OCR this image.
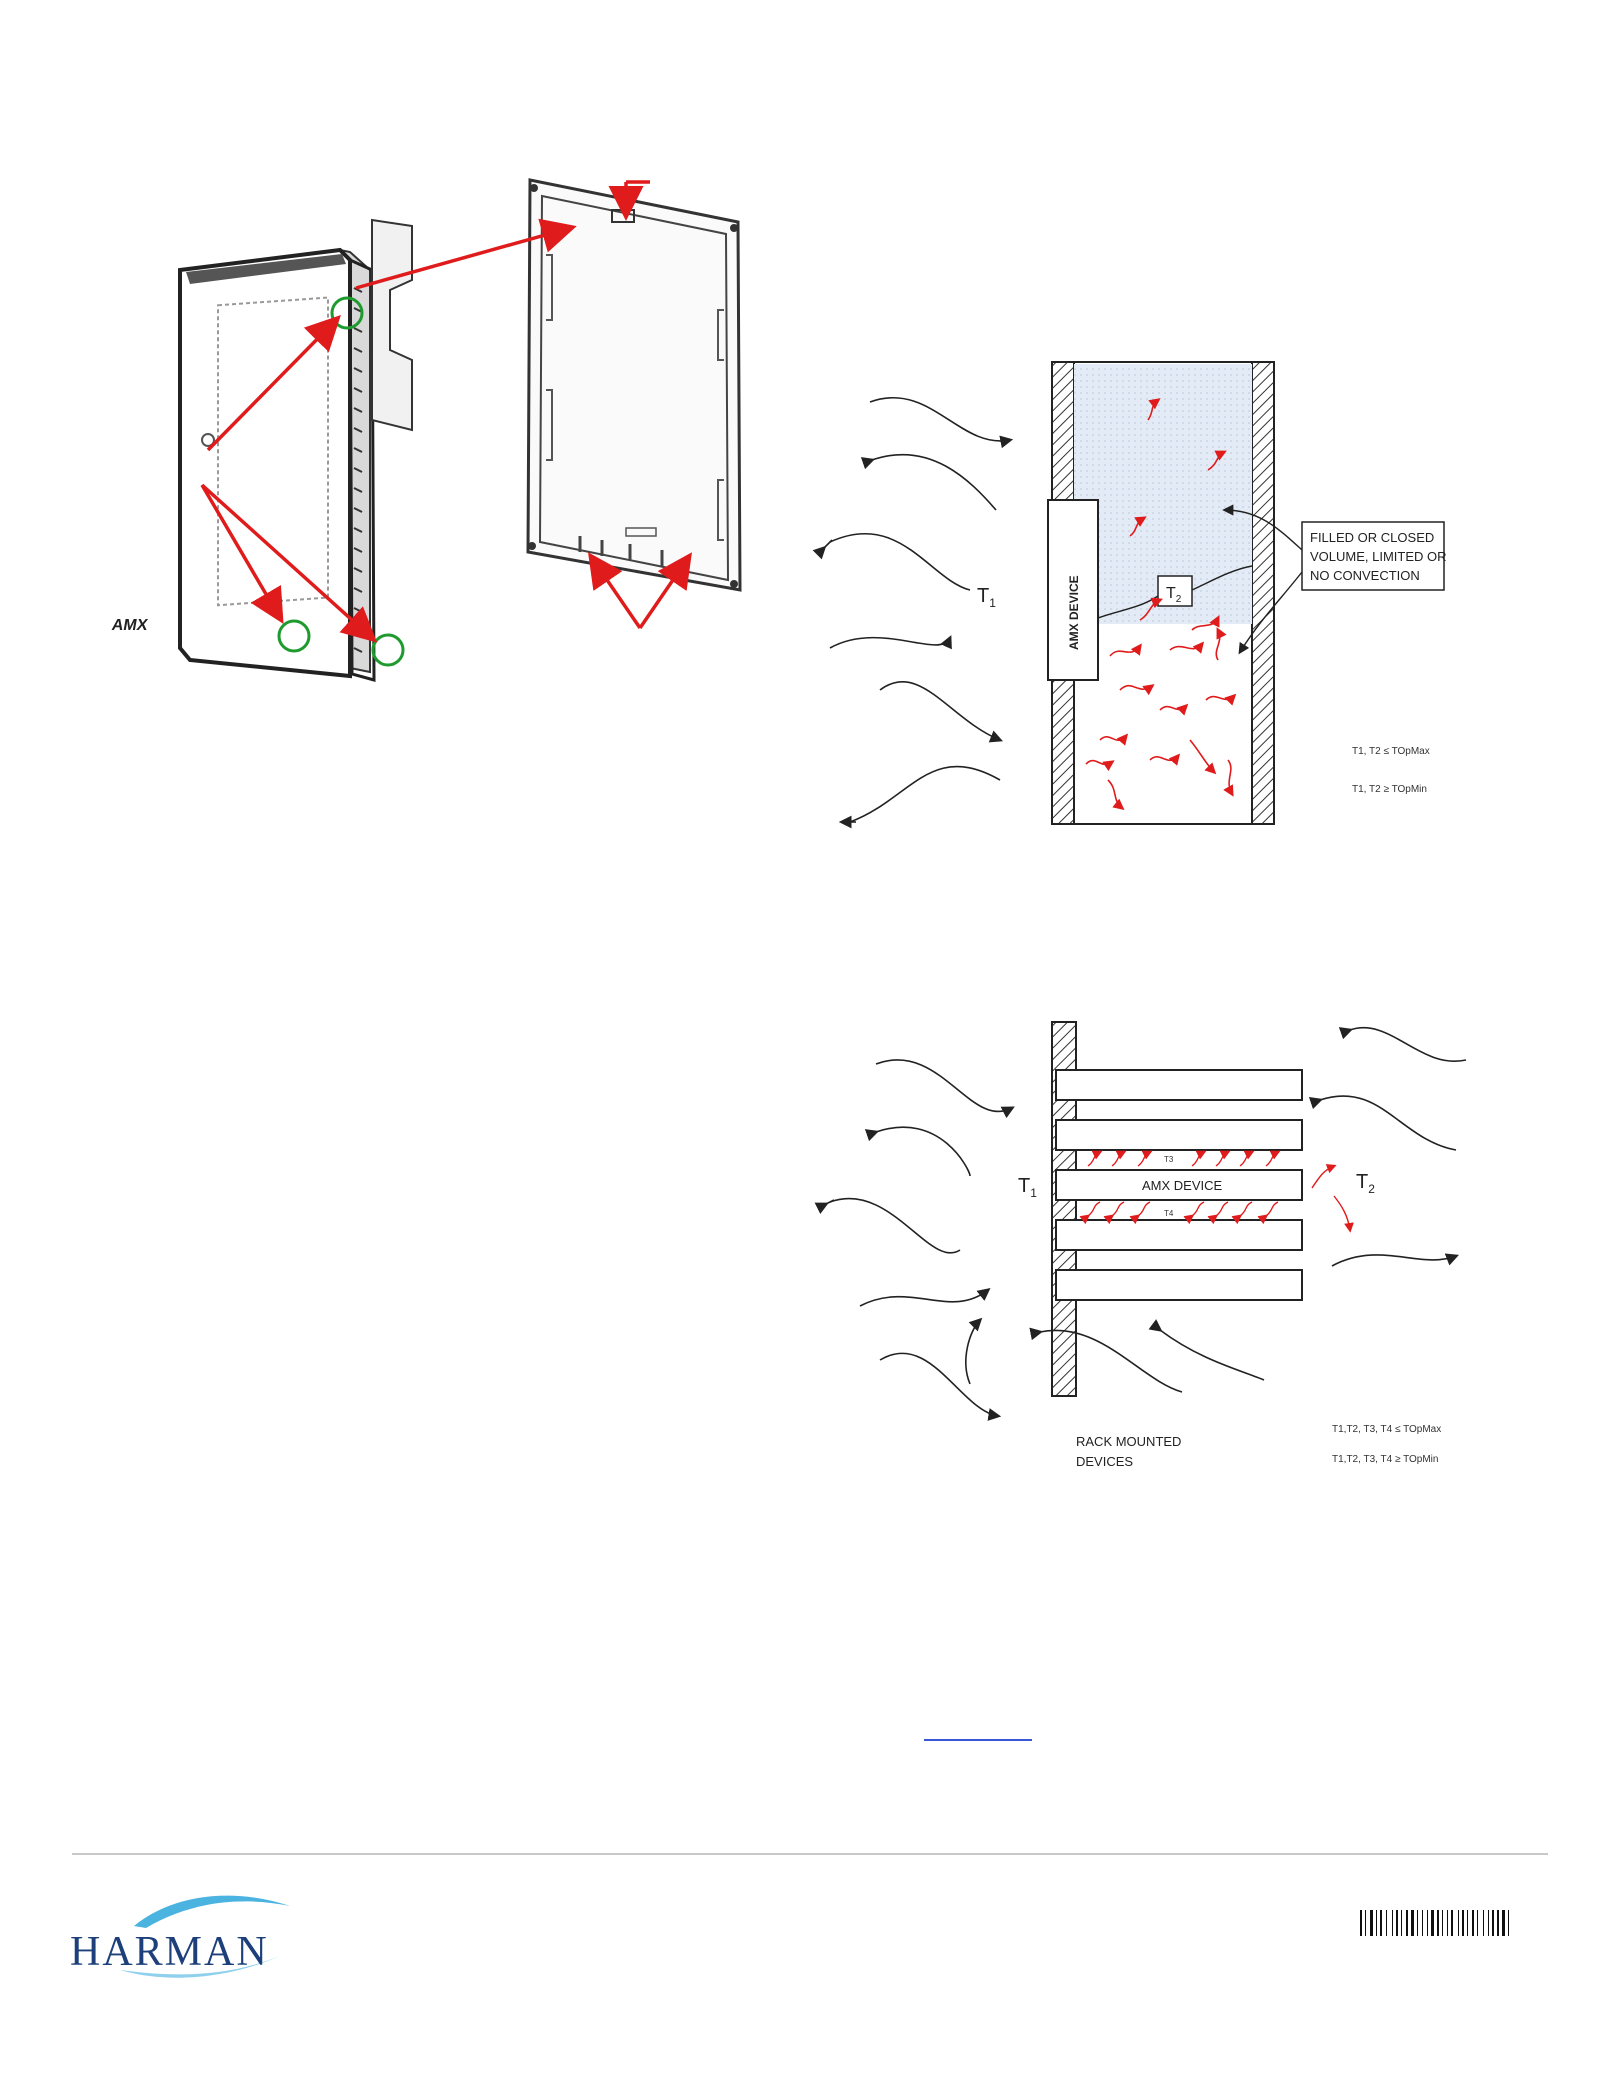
AMX	AMX DEVICE	$T_2$
$T_1$
FILLED OR CLOSED
VOLUME, LIMITED OR
NO CONVECTION
T1, T2 ≤ TOpMax
T1, T2 ≥ TOpMin
AMX DEVICE
T3
T4
$T_1$	$T_2$
RACK MOUNTED
DEVICES
T1,T2, T3, T4 ≤ TOpMax
T1,T2, T3, T4 ≥ TOpMin
HARMAN
